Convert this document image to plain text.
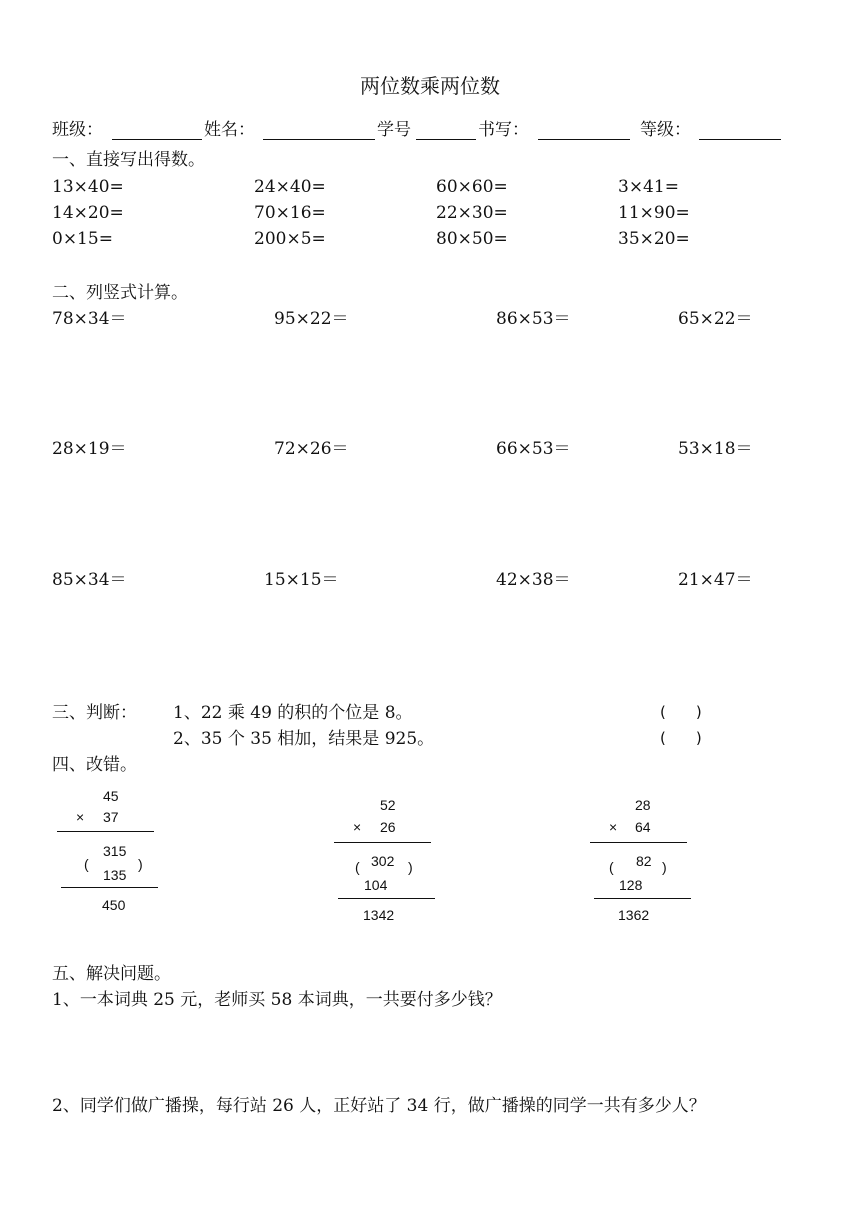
两位数乘两位数
班级：	姓名：	学号	书写：	等级：
一、直接写出得数。
13×40=	24×40=	60×60=	3×41=
14×20=	70×16=	22×30=	11×90=
0×15=	200×5=	80×50=	35×20=
二、列竖式计算。
78×34＝	95×22＝	86×53＝	65×22＝
28×19＝	72×26＝	66×53＝	53×18＝
85×34＝	15×15＝	42×38＝	21×47＝
三、判断： 1、22 乘 49 的积的个位是 8。	(　　)
2、35 个 35 相加，结果是 925。	(　　)
四、改错。
45
× 37
315
(
135
)
450
52
× 26
( 302 )
104
1342
28
× 64
( 82 )
128
1362
五、解决问题。
1、一本词典 25 元，老师买 58 本词典，一共要付多少钱？
2、同学们做广播操，每行站 26 人，正好站了 34 行，做广播操的同学一共有多少人？
